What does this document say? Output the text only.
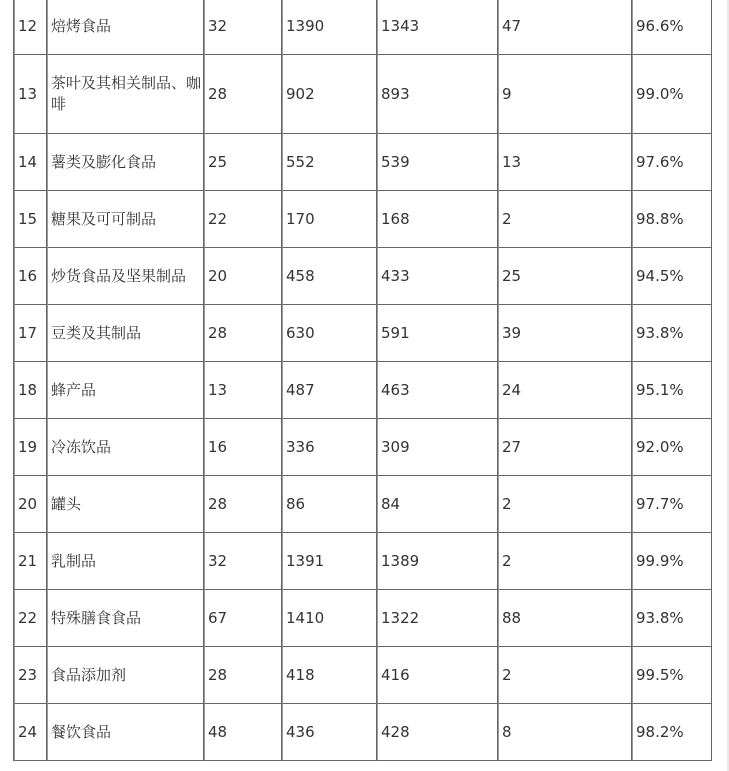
12	焙烤食品	32	1390	1343	47	96.6%
13	茶叶及其相关制品、咖啡	28	902	893	9	99.0%
14	薯类及膨化食品	25	552	539	13	97.6%
15	糖果及可可制品	22	170	168	2	98.8%
16	炒货食品及坚果制品	20	458	433	25	94.5%
17	豆类及其制品	28	630	591	39	93.8%
18	蜂产品	13	487	463	24	95.1%
19	冷冻饮品	16	336	309	27	92.0%
20	罐头	28	86	84	2	97.7%
21	乳制品	32	1391	1389	2	99.9%
22	特殊膳食食品	67	1410	1322	88	93.8%
23	食品添加剂	28	418	416	2	99.5%
24	餐饮食品	48	436	428	8	98.2%
